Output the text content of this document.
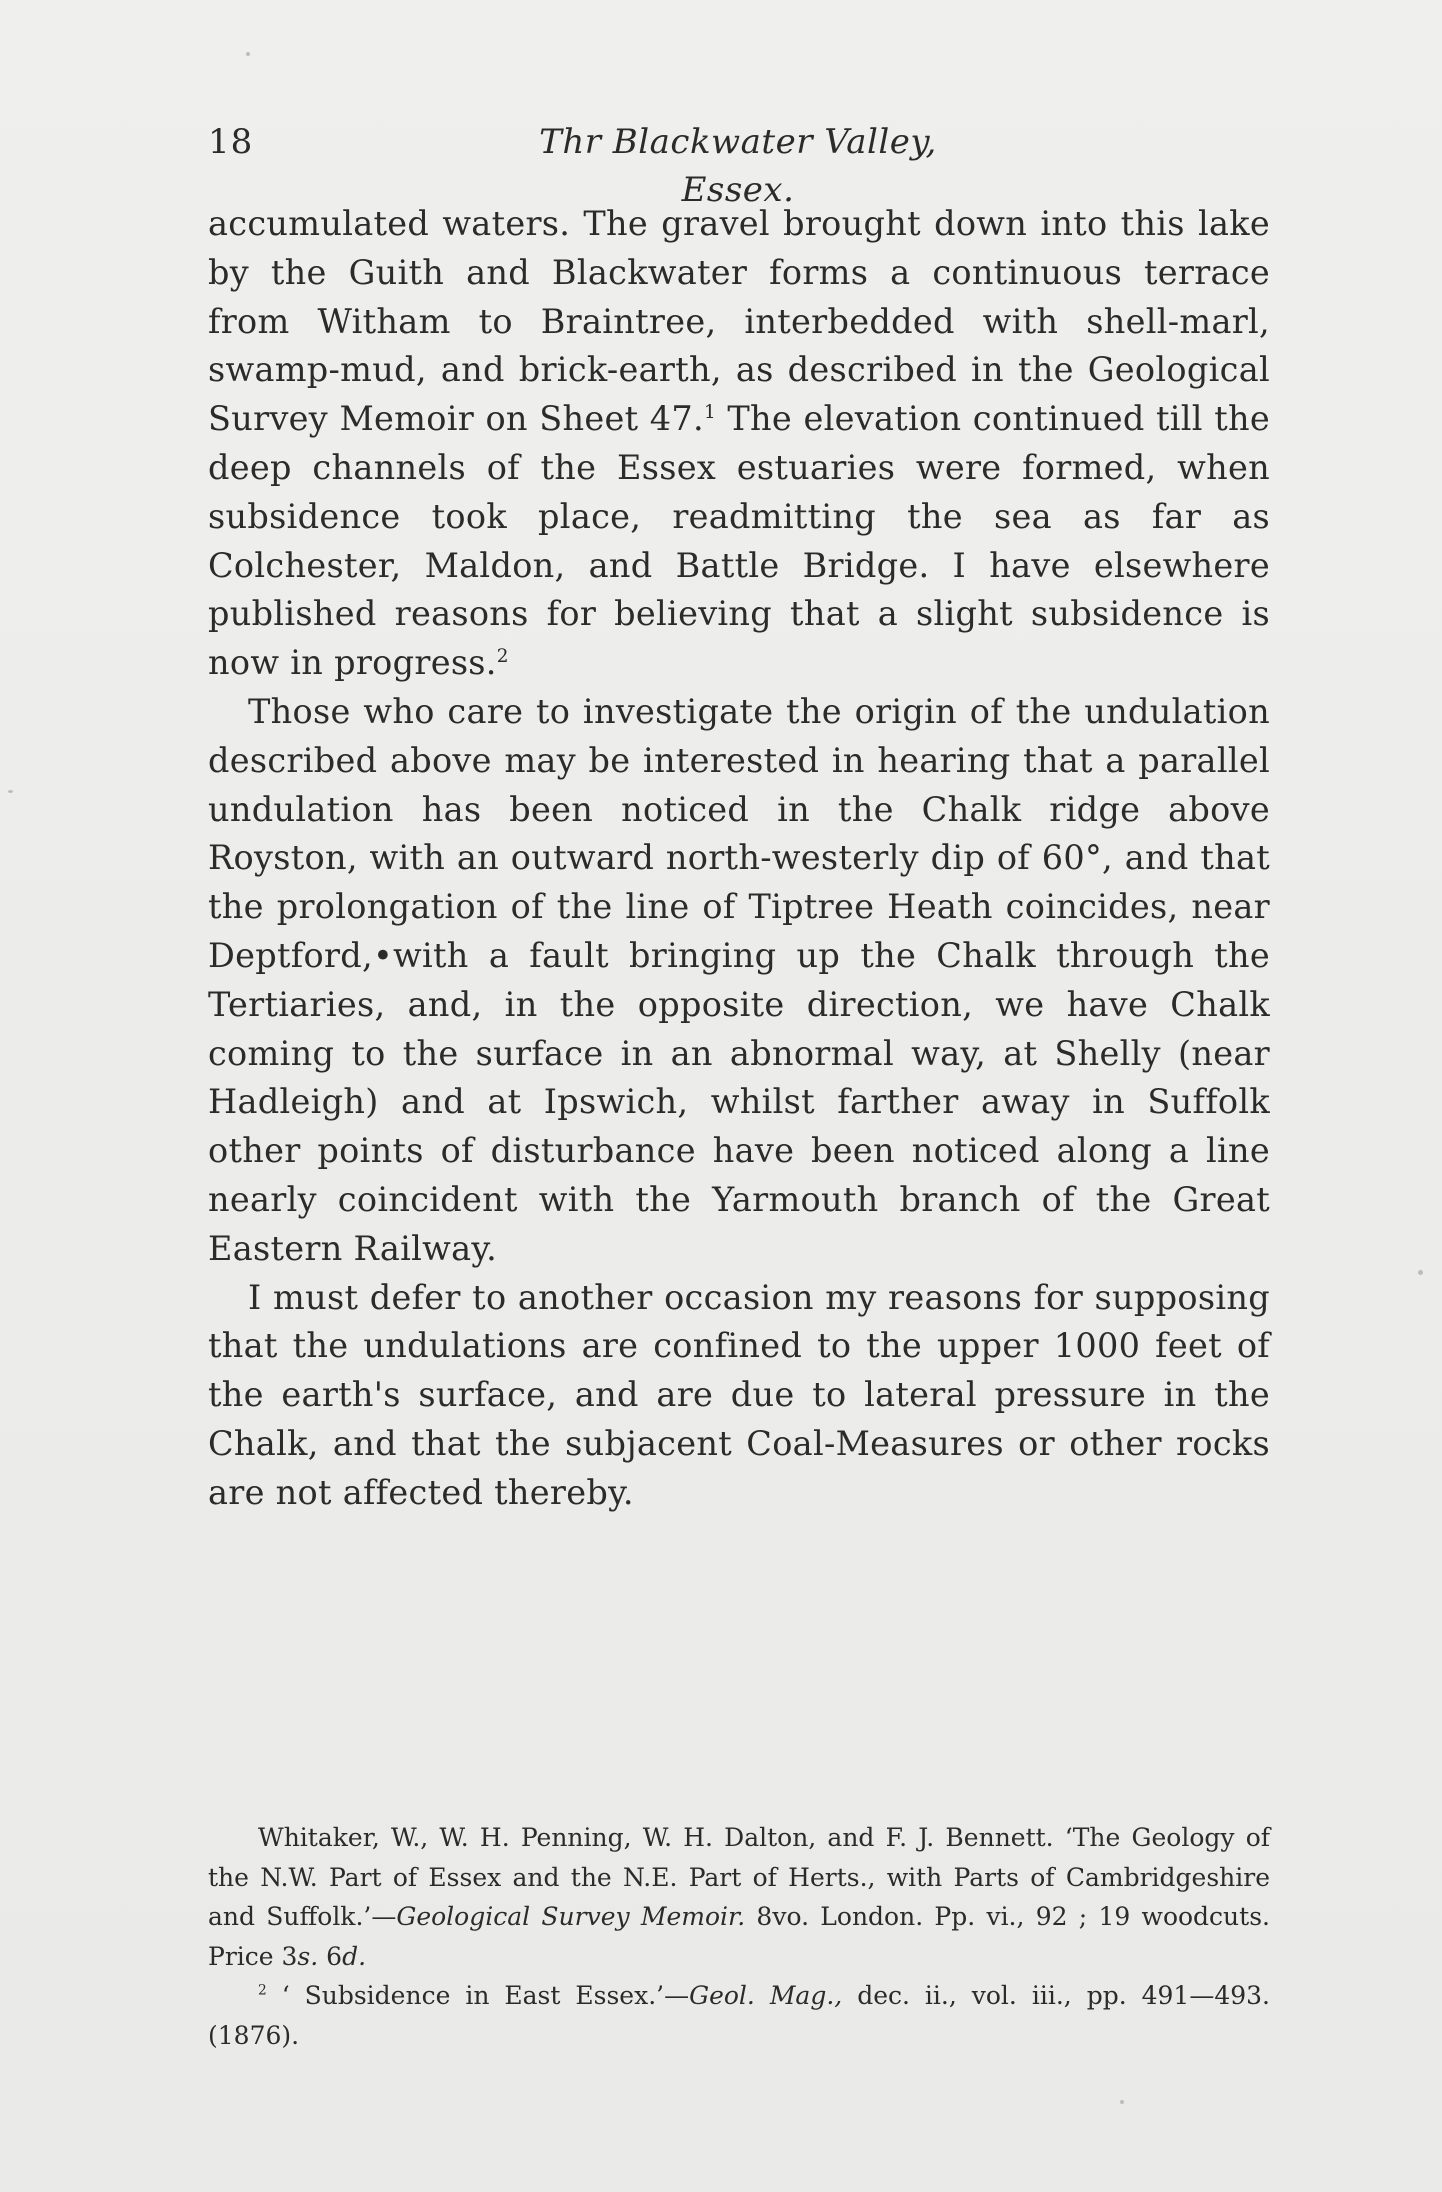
18	Thr Blackwater Valley, Essex.

accumulated waters. The gravel brought down into this lake by the Guith and Blackwater forms a continuous terrace from Witham to Braintree, interbedded with shell-marl, swamp-mud, and brick-earth, as described in the Geological Survey Memoir on Sheet 47.$^1$ The elevation continued till the deep channels of the Essex estuaries were formed, when subsidence took place, readmitting the sea as far as Colchester, Maldon, and Battle Bridge. I have elsewhere published reasons for believing that a slight subsidence is now in progress.$^2$

Those who care to investigate the origin of the undulation described above may be interested in hearing that a parallel undulation has been noticed in the Chalk ridge above Royston, with an outward north-westerly dip of 60°, and that the prolongation of the line of Tiptree Heath coincides, near Deptford,•with a fault bringing up the Chalk through the Tertiaries, and, in the opposite direction, we have Chalk coming to the surface in an abnormal way, at Shelly (near Hadleigh) and at Ipswich, whilst farther away in Suffolk other points of disturbance have been noticed along a line nearly coincident with the Yarmouth branch of the Great Eastern Railway.

I must defer to another occasion my reasons for supposing that the undulations are confined to the upper 1000 feet of the earth's surface, and are due to lateral pressure in the Chalk, and that the subjacent Coal-Measures or other rocks are not affected thereby.

Whitaker, W., W. H. Penning, W. H. Dalton, and F. J. Bennett. ‘The Geology of the N.W. Part of Essex and the N.E. Part of Herts., with Parts of Cambridgeshire and Suffolk.’—Geological Survey Memoir. 8vo. London. Pp. vi., 92 ; 19 woodcuts. Price 3s. 6d.

$^2$ ‘ Subsidence in East Essex.’—Geol. Mag., dec. ii., vol. iii., pp. 491—493. (1876).
